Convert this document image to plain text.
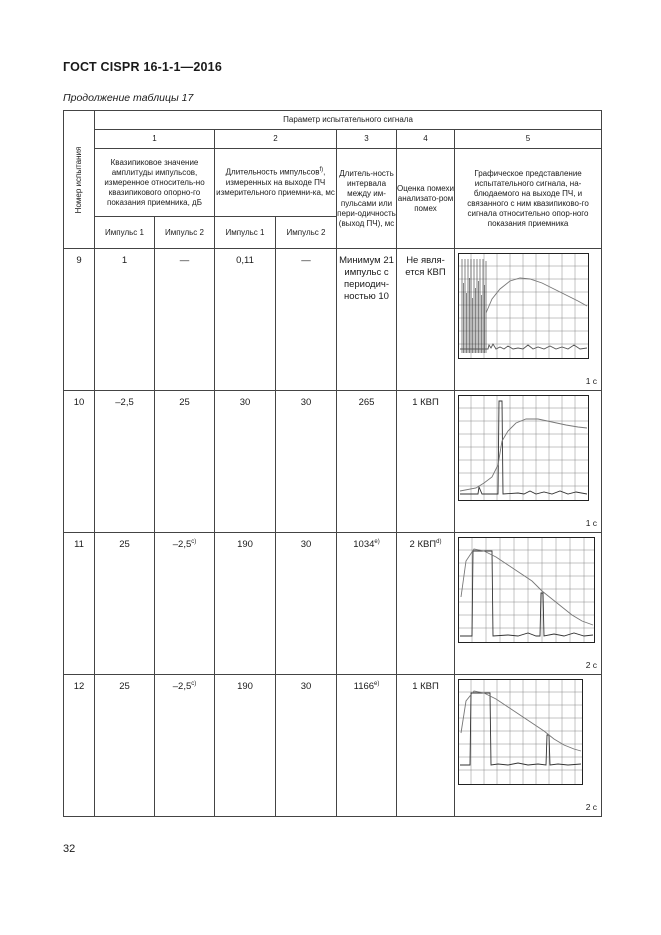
ГОСТ CISPR 16-1-1—2016
Продолжение таблицы 17
Номер испытания	Параметр испытательного сигнала						
	1		2		3	4	5
	Квазипиковое значение амплитуды импульсов, измеренное относитель-но квазипикового опорно-го показания приемника, дБ		Длительность импульсов$^{f)}$, измеренных на выходе ПЧ измерительного приемни-ка, мс		Длитель-ность интервала между им-пульсами или пери-одичность (выход ПЧ), мс	Оценка помехи анализато-ром помех	Графическое представление испытательного сигнала, на-блюдаемого на выходе ПЧ, и связанного с ним квазипиково-го сигнала относительно опор-ного показания приемника
	Импульс 1	Импульс 2	Импульс 1	Импульс 2			
9	1	—	0,11	—	Минимум 21 импульс с периодич-ностью 10	Не явля-ется КВП	1 с

10	–2,5	25	30	30	265	1 КВП	1 с

11	25	–2,5$^{c)}$	190	30	1034$^{e)}$	2 КВП$^{d)}$	2 с

12	25	–2,5$^{c)}$	190	30	1166$^{e)}$	1 КВП	2 с
32
